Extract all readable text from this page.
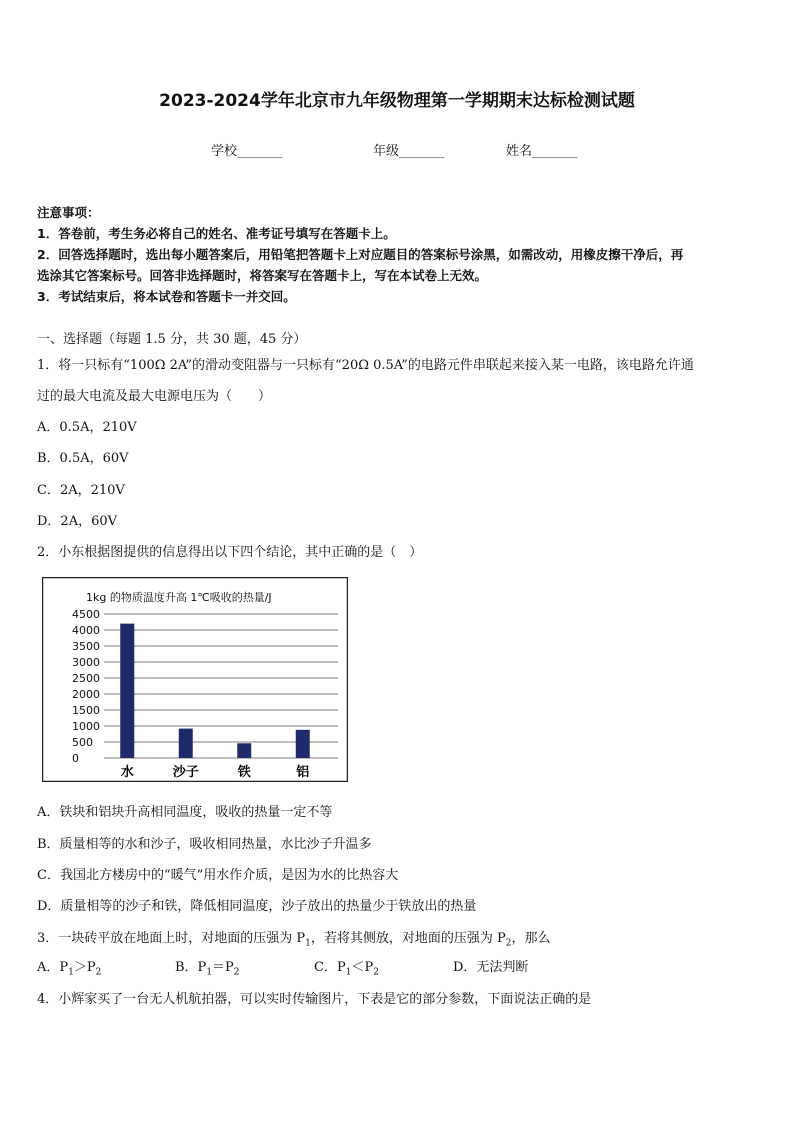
2023-2024学年北京市九年级物理第一学期期末达标检测试题
学校_______	年级_______	姓名_______
注意事项：
1．答卷前，考生务必将自己的姓名、准考证号填写在答题卡上。
2．回答选择题时，选出每小题答案后，用铅笔把答题卡上对应题目的答案标号涂黑，如需改动，用橡皮擦干净后，再
选涂其它答案标号。回答非选择题时，将答案写在答题卡上，写在本试卷上无效。
3．考试结束后，将本试卷和答题卡一并交回。
一、选择题（每题 1.5 分，共 30 题，45 分）
1．将一只标有“100Ω 2A”的滑动变阻器与一只标有“20Ω 0.5A”的电路元件串联起来接入某一电路，该电路允许通
过的最大电流及最大电源电压为（　　）
A．0.5A，210V
B．0.5A，60V
C．2A，210V
D．2A，60V
2．小东根据图提供的信息得出以下四个结论，其中正确的是（　）
1kg 的物质温度升高 1℃吸收的热量/J
4500
4000
3500
3000
2500
2000
1500
1000
500
0
水	沙子	铁	铝
A．铁块和铝块升高相同温度，吸收的热量一定不等
B．质量相等的水和沙子，吸收相同热量，水比沙子升温多
C．我国北方楼房中的“暖气”用水作介质，是因为水的比热容大
D．质量相等的沙子和铁，降低相同温度，沙子放出的热量少于铁放出的热量
3．一块砖平放在地面上时，对地面的压强为 $P_1$，若将其侧放，对地面的压强为 $P_2$，那么
A．$P_1>P_2$	B．$P_1=P_2$	C．$P_1<P_2$	D．无法判断
4．小辉家买了一台无人机航拍器，可以实时传输图片，下表是它的部分参数，下面说法正确的是
